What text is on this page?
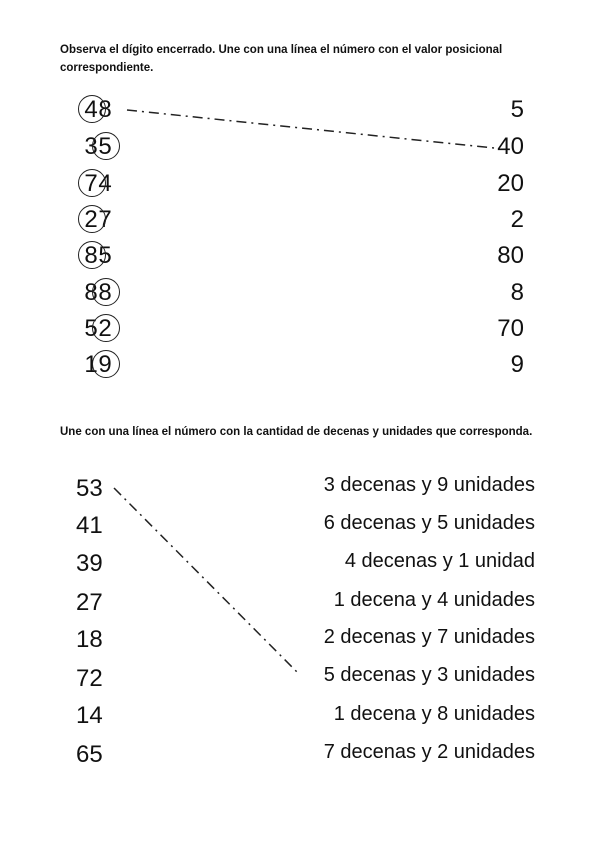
Observa el dígito encerrado. Une con una línea el número con el valor posicional correspondiente.
48
35
74
27
85
88
52
19
5
40
20
2
80
8
70
9
Une con una línea el número con la cantidad de decenas y unidades que corresponda.
53
41
39
27
18
72
14
65
3 decenas y 9 unidades
6 decenas y 5 unidades
4 decenas y 1 unidad
1 decena y 4 unidades
2 decenas y 7 unidades
5 decenas y 3 unidades
1 decena y 8 unidades
7 decenas y 2 unidades
